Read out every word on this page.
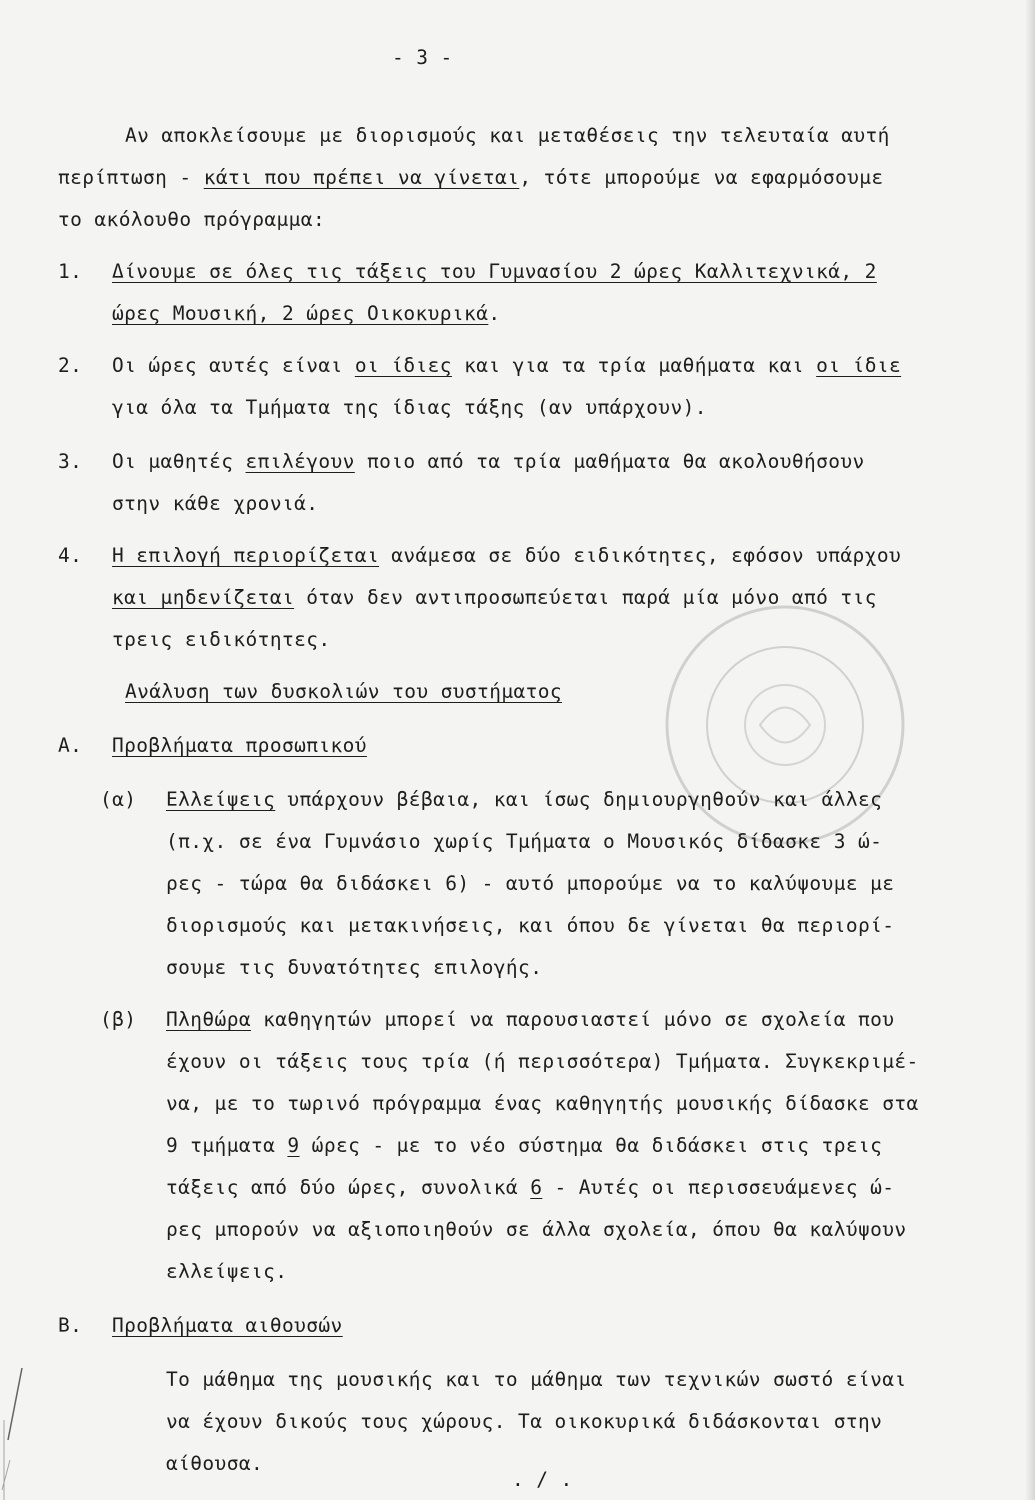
- 3 -
Αν αποκλείσουμε με διορισμούς και μεταθέσεις την τελευταία αυτή
περίπτωση - κάτι που πρέπει να γίνεται, τότε μπορούμε να εφαρμόσουμε
το ακόλουθο πρόγραμμα:
1. Δίνουμε σε όλες τις τάξεις του Γυμνασίου 2 ώρες Καλλιτεχνικά, 2
ώρες Μουσική, 2 ώρες Οικοκυρικά.
2. Οι ώρες αυτές είναι οι ίδιες και για τα τρία μαθήματα και οι ίδιε
για όλα τα Τμήματα της ίδιας τάξης (αν υπάρχουν).
3. Οι μαθητές επιλέγουν ποιο από τα τρία μαθήματα θα ακολουθήσουν
στην κάθε χρονιά.
4. Η επιλογή περιορίζεται ανάμεσα σε δύο ειδικότητες, εφόσον υπάρχου
και μηδενίζεται όταν δεν αντιπροσωπεύεται παρά μία μόνο από τις
τρεις ειδικότητες.
Ανάλυση των δυσκολιών του συστήματος
Α. Προβλήματα προσωπικού
(α) Ελλείψεις υπάρχουν βέβαια, και ίσως δημιουργηθούν και άλλες
(π.χ. σε ένα Γυμνάσιο χωρίς Τμήματα ο Μουσικός δίδασκε 3 ώ-
ρες - τώρα θα διδάσκει 6) - αυτό μπορούμε να το καλύψουμε με
διορισμούς και μετακινήσεις, και όπου δε γίνεται θα περιορί-
σουμε τις δυνατότητες επιλογής.
(β) Πληθώρα καθηγητών μπορεί να παρουσιαστεί μόνο σε σχολεία που
έχουν οι τάξεις τους τρία (ή περισσότερα) Τμήματα. Συγκεκριμέ-
να, με το τωρινό πρόγραμμα ένας καθηγητής μουσικής δίδασκε στα
9 τμήματα 9 ώρες - με το νέο σύστημα θα διδάσκει στις τρεις
τάξεις από δύο ώρες, συνολικά 6 - Αυτές οι περισσευάμενες ώ-
ρες μπορούν να αξιοποιηθούν σε άλλα σχολεία, όπου θα καλύψουν
ελλείψεις.
Β. Προβλήματα αιθουσών
Το μάθημα της μουσικής και το μάθημα των τεχνικών σωστό είναι
να έχουν δικούς τους χώρους. Τα οικοκυρικά διδάσκονται στην
αίθουσα.
. / .
